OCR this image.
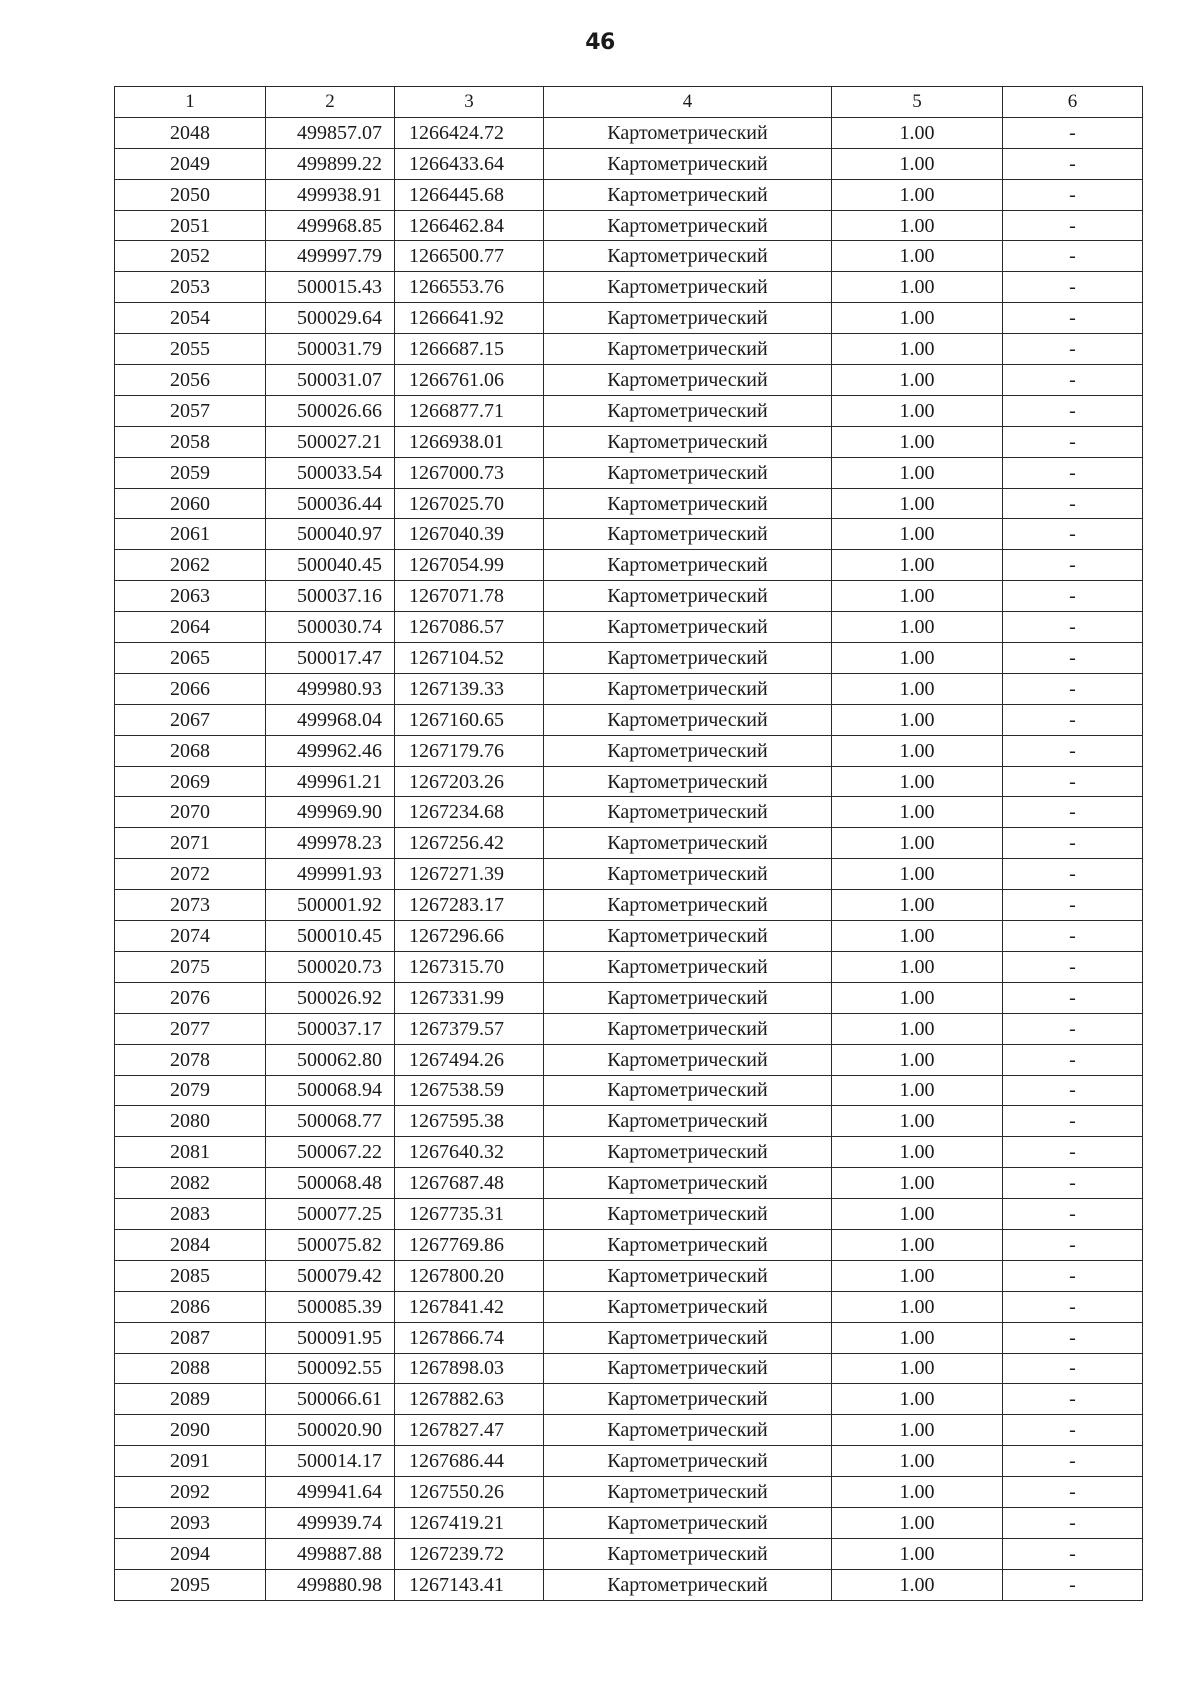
46
1	2	3	4	5	6
2048	499857.07	1266424.72	Картометрический	1.00	-
2049	499899.22	1266433.64	Картометрический	1.00	-
2050	499938.91	1266445.68	Картометрический	1.00	-
2051	499968.85	1266462.84	Картометрический	1.00	-
2052	499997.79	1266500.77	Картометрический	1.00	-
2053	500015.43	1266553.76	Картометрический	1.00	-
2054	500029.64	1266641.92	Картометрический	1.00	-
2055	500031.79	1266687.15	Картометрический	1.00	-
2056	500031.07	1266761.06	Картометрический	1.00	-
2057	500026.66	1266877.71	Картометрический	1.00	-
2058	500027.21	1266938.01	Картометрический	1.00	-
2059	500033.54	1267000.73	Картометрический	1.00	-
2060	500036.44	1267025.70	Картометрический	1.00	-
2061	500040.97	1267040.39	Картометрический	1.00	-
2062	500040.45	1267054.99	Картометрический	1.00	-
2063	500037.16	1267071.78	Картометрический	1.00	-
2064	500030.74	1267086.57	Картометрический	1.00	-
2065	500017.47	1267104.52	Картометрический	1.00	-
2066	499980.93	1267139.33	Картометрический	1.00	-
2067	499968.04	1267160.65	Картометрический	1.00	-
2068	499962.46	1267179.76	Картометрический	1.00	-
2069	499961.21	1267203.26	Картометрический	1.00	-
2070	499969.90	1267234.68	Картометрический	1.00	-
2071	499978.23	1267256.42	Картометрический	1.00	-
2072	499991.93	1267271.39	Картометрический	1.00	-
2073	500001.92	1267283.17	Картометрический	1.00	-
2074	500010.45	1267296.66	Картометрический	1.00	-
2075	500020.73	1267315.70	Картометрический	1.00	-
2076	500026.92	1267331.99	Картометрический	1.00	-
2077	500037.17	1267379.57	Картометрический	1.00	-
2078	500062.80	1267494.26	Картометрический	1.00	-
2079	500068.94	1267538.59	Картометрический	1.00	-
2080	500068.77	1267595.38	Картометрический	1.00	-
2081	500067.22	1267640.32	Картометрический	1.00	-
2082	500068.48	1267687.48	Картометрический	1.00	-
2083	500077.25	1267735.31	Картометрический	1.00	-
2084	500075.82	1267769.86	Картометрический	1.00	-
2085	500079.42	1267800.20	Картометрический	1.00	-
2086	500085.39	1267841.42	Картометрический	1.00	-
2087	500091.95	1267866.74	Картометрический	1.00	-
2088	500092.55	1267898.03	Картометрический	1.00	-
2089	500066.61	1267882.63	Картометрический	1.00	-
2090	500020.90	1267827.47	Картометрический	1.00	-
2091	500014.17	1267686.44	Картометрический	1.00	-
2092	499941.64	1267550.26	Картометрический	1.00	-
2093	499939.74	1267419.21	Картометрический	1.00	-
2094	499887.88	1267239.72	Картометрический	1.00	-
2095	499880.98	1267143.41	Картометрический	1.00	-
